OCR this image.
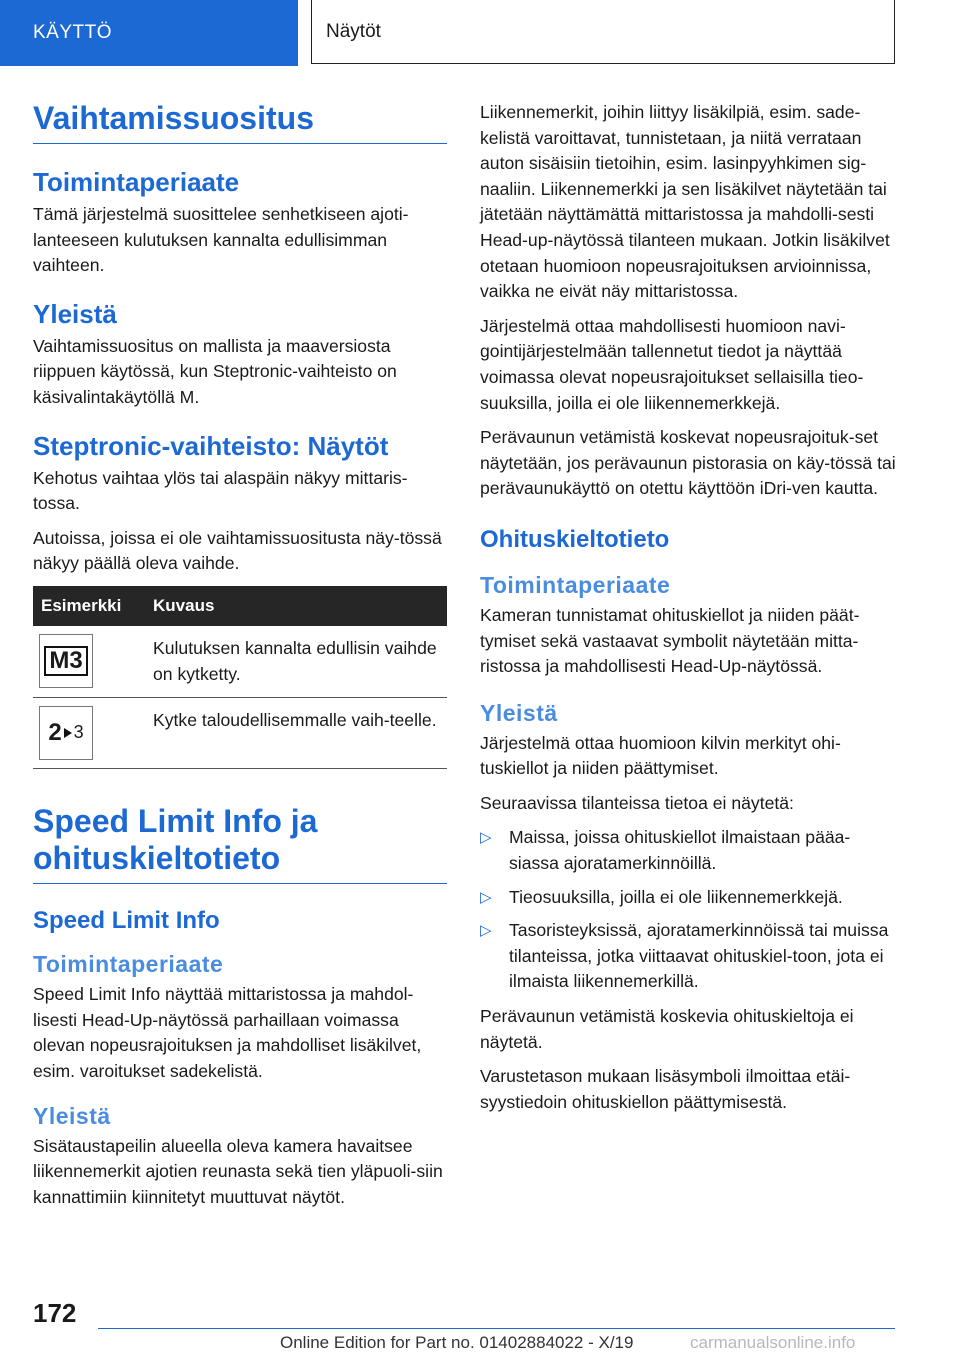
KÄYTTÖ	Näytöt
Vaihtamissuositus
Toimintaperiaate

Tämä järjestelmä suosittelee senhetkiseen ajoti-lanteeseen kulutuksen kannalta edullisimman vaihteen.

Yleistä

Vaihtamissuositus on mallista ja maaversiosta riippuen käytössä, kun Steptronic-vaihteisto on käsivalintakäytöllä M.

Steptronic-vaihteisto: Näytöt

Kehotus vaihtaa ylös tai alaspäin näkyy mittaris-tossa.

Autoissa, joissa ei ole vaihtamissuositusta näy-tössä näkyy päällä oleva vaihde.

Esimerkki	Kuvaus

M3	Kulutuksen kannalta edullisin vaihde on kytketty.

2 3	Kytke taloudellisemmalle vaih-teelle.
Speed Limit Info ja ohituskieltotieto
Speed Limit Info
Toimintaperiaate

Speed Limit Info näyttää mittaristossa ja mahdol-lisesti Head-Up-näytössä parhaillaan voimassa olevan nopeusrajoituksen ja mahdolliset lisäkilvet, esim. varoitukset sadekelistä.

Yleistä

Sisätaustapeilin alueella oleva kamera havaitsee liikennemerkit ajotien reunasta sekä tien yläpuoli-siin kannattimiin kiinnitetyt muuttuvat näytöt.

Liikennemerkit, joihin liittyy lisäkilpiä, esim. sade-kelistä varoittavat, tunnistetaan, ja niitä verrataan auton sisäisiin tietoihin, esim. lasinpyyhkimen sig-naaliin. Liikennemerkki ja sen lisäkilvet näytetään tai jätetään näyttämättä mittaristossa ja mahdolli-sesti Head-up-näytössä tilanteen mukaan. Jotkin lisäkilvet otetaan huomioon nopeusrajoituksen arvioinnissa, vaikka ne eivät näy mittaristossa.

Järjestelmä ottaa mahdollisesti huomioon navi-gointijärjestelmään tallennetut tiedot ja näyttää voimassa olevat nopeusrajoitukset sellaisilla tieo-suuksilla, joilla ei ole liikennemerkkejä.

Perävaunun vetämistä koskevat nopeusrajoituk-set näytetään, jos perävaunun pistorasia on käy-tössä tai perävaunukäyttö on otettu käyttöön iDri-ven kautta.

Ohituskieltotieto
Toimintaperiaate

Kameran tunnistamat ohituskiellot ja niiden päät-tymiset sekä vastaavat symbolit näytetään mitta-ristossa ja mahdollisesti Head-Up-näytössä.

Yleistä

Järjestelmä ottaa huomioon kilvin merkityt ohi-tuskiellot ja niiden päättymiset.

Seuraavissa tilanteissa tietoa ei näytetä:

▷ Maissa, joissa ohituskiellot ilmaistaan pääa-siassa ajoratamerkinnöillä.
▷ Tieosuuksilla, joilla ei ole liikennemerkkejä.
▷ Tasoristeyksissä, ajoratamerkinnöissä tai muissa tilanteissa, jotka viittaavat ohituskiel-toon, jota ei ilmaista liikennemerkillä.

Perävaunun vetämistä koskevia ohituskieltoja ei näytetä.

Varustetason mukaan lisäsymboli ilmoittaa etäi-syystiedoin ohituskiellon päättymisestä.

172
Online Edition for Part no. 01402884022 - X/19	carmanualsonline.info
